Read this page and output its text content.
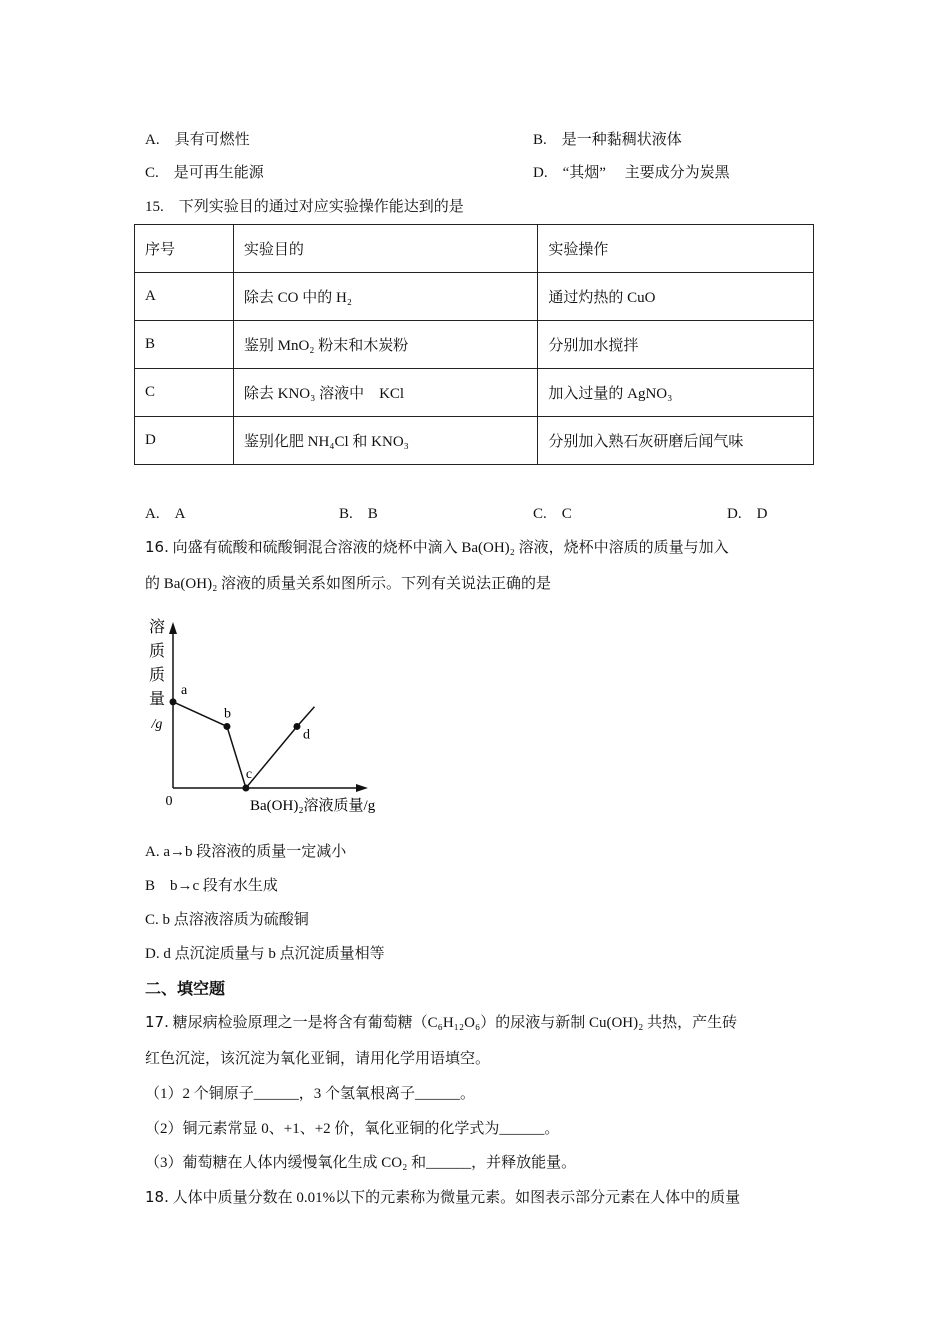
A.　具有可燃性	B.　是一种黏稠状液体
C.　是可再生能源	D.　“其烟”　 主要成分为炭黑
15.　下列实验目的通过对应实验操作能达到的是
序号	实验目的	实验操作
A	除去 CO 中的 H₂	通过灼热的 CuO
B	鉴别 MnO₂ 粉末和木炭粉	分别加水搅拌
C	除去 KNO₃ 溶液中　KCl	加入过量的 AgNO₃
D	鉴别化肥 NH₄Cl 和 KNO₃	分别加入熟石灰研磨后闻气味
A.　A	B.　B	C.　C	D.　D
16. 向盛有硫酸和硫酸铜混合溶液的烧杯中滴入 Ba(OH)₂ 溶液，烧杯中溶质的质量与加入
的 Ba(OH)₂ 溶液的质量关系如图所示。下列有关说法正确的是
溶
质
质
量
/g
0	Ba(OH)₂溶液质量/g
a
b
c
d
A. a→b 段溶液的质量一定减小
B　b→c 段有水生成
C. b 点溶液溶质为硫酸铜
D. d 点沉淀质量与 b 点沉淀质量相等
二、填空题
17. 糖尿病检验原理之一是将含有葡萄糖（C₆H₁₂O₆）的尿液与新制 Cu(OH)₂ 共热，产生砖
红色沉淀，该沉淀为氧化亚铜，请用化学用语填空。
（1）2 个铜原子______，3 个氢氧根离子______。
（2）铜元素常显 0、+1、+2 价，氧化亚铜的化学式为______。
（3）葡萄糖在人体内缓慢氧化生成 CO₂ 和______，并释放能量。
18. 人体中质量分数在 0.01%以下的元素称为微量元素。如图表示部分元素在人体中的质量
